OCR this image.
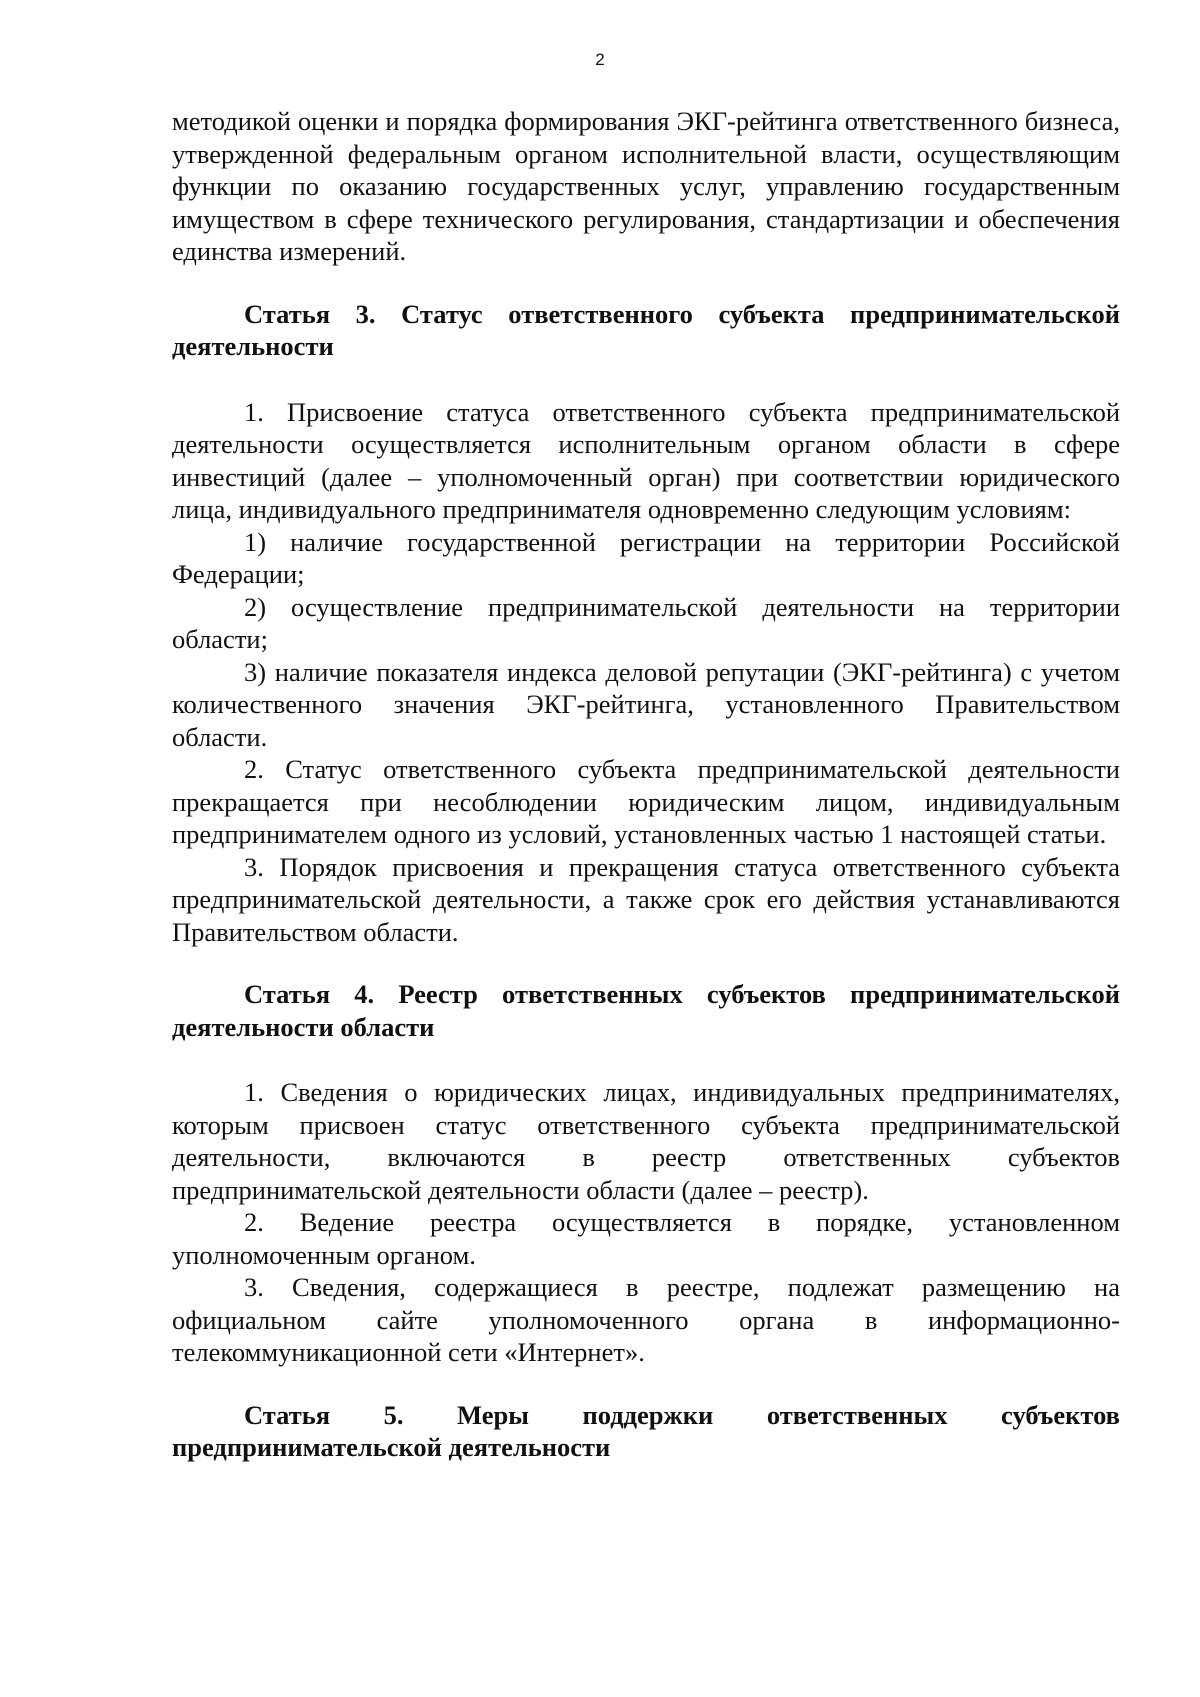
2

методикой оценки и порядка формирования ЭКГ-рейтинга ответственного бизнеса, утвержденной федеральным органом исполнительной власти, осуществляющим функции по оказанию государственных услуг, управлению государственным имуществом в сфере технического регулирования, стандартизации и обеспечения единства измерений.

Статья 3. Статус ответственного субъекта предпринимательской деятельности

1. Присвоение статуса ответственного субъекта предпринимательской деятельности осуществляется исполнительным органом области в сфере инвестиций (далее – уполномоченный орган) при соответствии юридического лица, индивидуального предпринимателя одновременно следующим условиям:

1) наличие государственной регистрации на территории Российской Федерации;

2) осуществление предпринимательской деятельности на территории области;

3) наличие показателя индекса деловой репутации (ЭКГ-рейтинга) с учетом количественного значения ЭКГ-рейтинга, установленного Правительством области.

2. Статус ответственного субъекта предпринимательской деятельности прекращается при несоблюдении юридическим лицом, индивидуальным предпринимателем одного из условий, установленных частью 1 настоящей статьи.

3. Порядок присвоения и прекращения статуса ответственного субъекта предпринимательской деятельности, а также срок его действия устанавливаются Правительством области.

Статья 4. Реестр ответственных субъектов предпринимательской деятельности области

1. Сведения о юридических лицах, индивидуальных предпринимателях, которым присвоен статус ответственного субъекта предпринимательской деятельности, включаются в реестр ответственных субъектов предпринимательской деятельности области (далее – реестр).

2. Ведение реестра осуществляется в порядке, установленном уполномоченным органом.

3. Сведения, содержащиеся в реестре, подлежат размещению на официальном сайте уполномоченного органа в информационно-телекоммуникационной сети «Интернет».

Статья 5. Меры поддержки ответственных субъектов предпринимательской деятельности
